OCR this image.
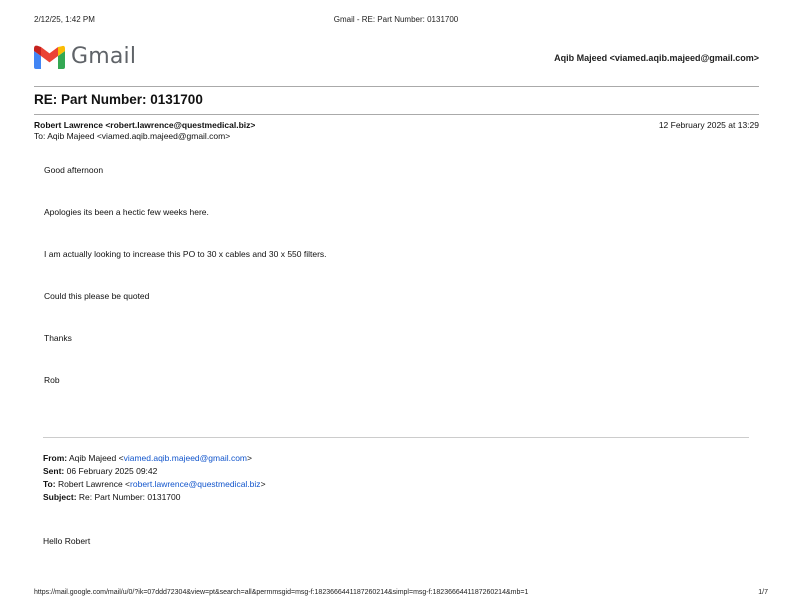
2/12/25, 1:42 PM	Gmail - RE: Part Number: 0131700
Gmail	Aqib Majeed <viamed.aqib.majeed@gmail.com>
RE: Part Number: 0131700
Robert Lawrence <robert.lawrence@questmedical.biz>
To: Aqib Majeed <viamed.aqib.majeed@gmail.com>
12 February 2025 at 13:29
Good afternoon
Apologies its been a hectic few weeks here.
I am actually looking to increase this PO to 30 x cables and 30 x 550 filters.
Could this please be quoted
Thanks
Rob
From: Aqib Majeed <viamed.aqib.majeed@gmail.com>
Sent: 06 February 2025 09:42
To: Robert Lawrence <robert.lawrence@questmedical.biz>
Subject: Re: Part Number: 0131700
Hello Robert
https://mail.google.com/mail/u/0/?ik=07ddd72304&view=pt&search=all&permmsgid=msg-f:1823666441187260214&simpl=msg-f:1823666441187260214&mb=1	1/7
